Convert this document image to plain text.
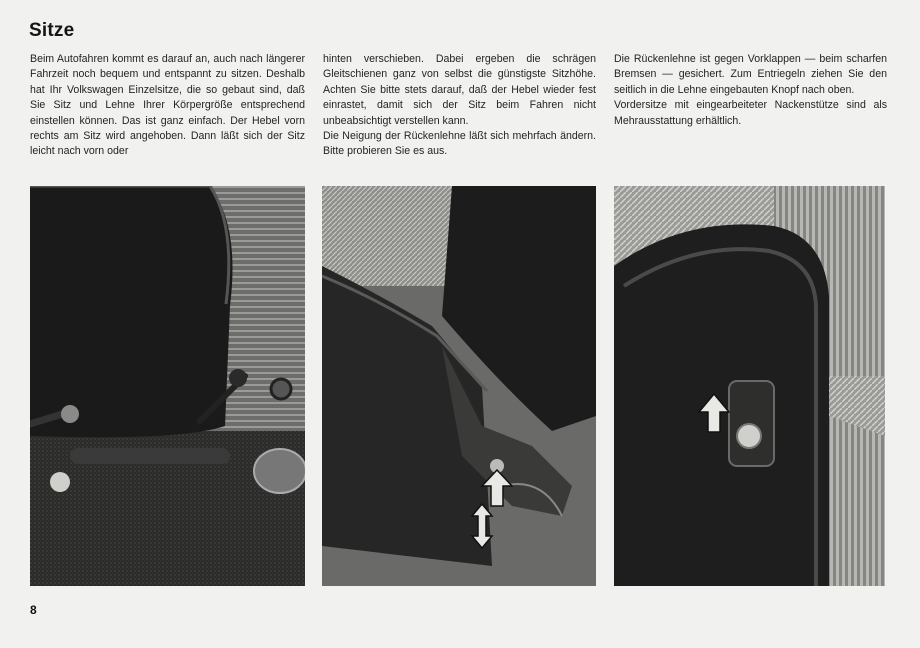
Sitze

Beim Autofahren kommt es darauf an, auch nach längerer Fahrzeit noch bequem und entspannt zu sitzen. Deshalb hat Ihr Volkswagen Einzelsitze, die so gebaut sind, daß Sie Sitz und Lehne Ihrer Körpergröße entsprechend einstellen können. Das ist ganz einfach. Der Hebel vorn rechts am Sitz wird angehoben. Dann läßt sich der Sitz leicht nach vorn oder

hinten verschieben. Dabei ergeben die schrägen Gleitschienen ganz von selbst die günstigste Sitzhöhe. Achten Sie bitte stets darauf, daß der Hebel wieder fest einrastet, damit sich der Sitz beim Fahren nicht unbeabsichtigt verstellen kann.

Die Neigung der Rückenlehne läßt sich mehrfach ändern. Bitte probieren Sie es aus.

Die Rückenlehne ist gegen Vorklappen — beim scharfen Bremsen — gesichert. Zum Entriegeln ziehen Sie den seitlich in die Lehne eingebauten Knopf nach oben.

Vordersitze mit eingearbeiteter Nackenstütze sind als Mehrausstattung erhältlich.

8
